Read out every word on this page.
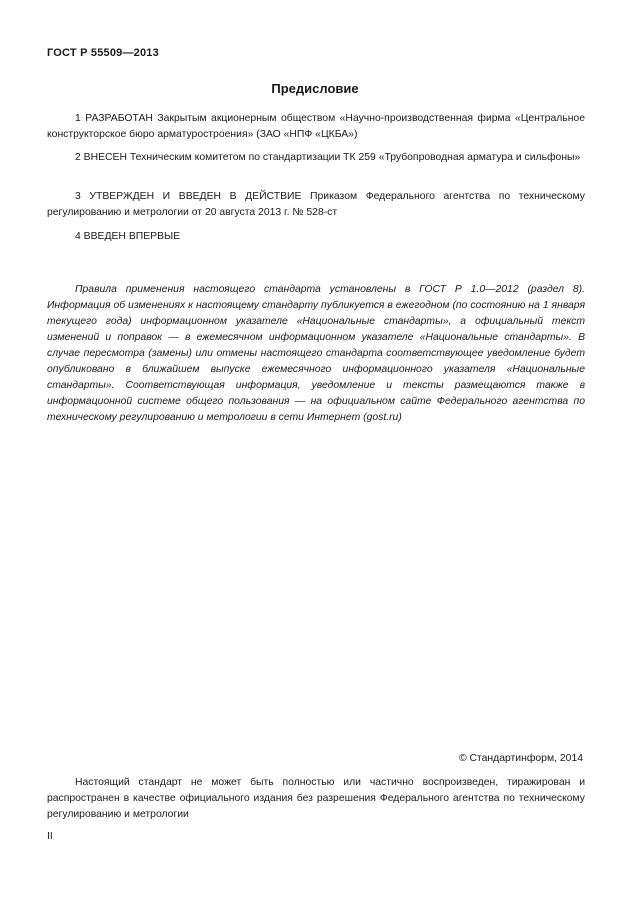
ГОСТ Р 55509—2013
Предисловие
1 РАЗРАБОТАН Закрытым акционерным обществом «Научно-производственная фирма «Центральное конструкторское бюро арматуростроения» (ЗАО «НПФ «ЦКБА»)
2 ВНЕСЕН Техническим комитетом по стандартизации ТК 259 «Трубопроводная арматура и сильфоны»
3 УТВЕРЖДЕН И ВВЕДЕН В ДЕЙСТВИЕ Приказом Федерального агентства по техническому регулированию и метрологии от 20 августа 2013 г. № 528-ст
4 ВВЕДЕН ВПЕРВЫЕ
Правила применения настоящего стандарта установлены в ГОСТ Р 1.0—2012 (раздел 8). Информация об изменениях к настоящему стандарту публикуется в ежегодном (по состоянию на 1 января текущего года) информационном указателе «Национальные стандарты», а официальный текст изменений и поправок — в ежемесячном информационном указателе «Национальные стандарты». В случае пересмотра (замены) или отмены настоящего стандарта соответствующее уведомление будет опубликовано в ближайшем выпуске ежемесячного информационного указателя «Национальные стандарты». Соответствующая информация, уведомление и тексты размещаются также в информационной системе общего пользования — на официальном сайте Федерального агентства по техническому регулированию и метрологии в сети Интернет (gost.ru)
© Стандартинформ, 2014
Настоящий стандарт не может быть полностью или частично воспроизведен, тиражирован и распространен в качестве официального издания без разрешения Федерального агентства по техническому регулированию и метрологии
II
